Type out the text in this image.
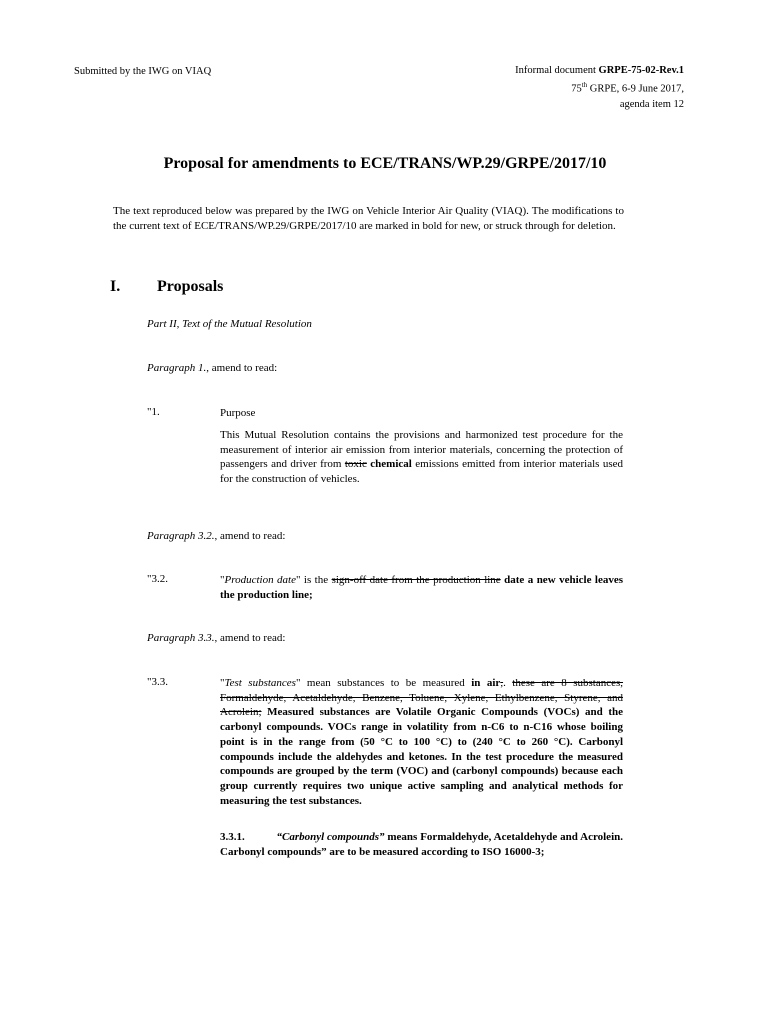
Submitted by the IWG on VIAQ	Informal document GRPE-75-02-Rev.1
75th GRPE, 6-9 June 2017,
agenda item 12
Proposal for amendments to ECE/TRANS/WP.29/GRPE/2017/10
The text reproduced below was prepared by the IWG on Vehicle Interior Air Quality (VIAQ). The modifications to the current text of ECE/TRANS/WP.29/GRPE/2017/10 are marked in bold for new, or struck through for deletion.
I. Proposals
Part II, Text of the Mutual Resolution
Paragraph 1., amend to read:
"1.	Purpose
This Mutual Resolution contains the provisions and harmonized test procedure for the measurement of interior air emission from interior materials, concerning the protection of passengers and driver from toxic chemical emissions emitted from interior materials used for the construction of vehicles.
Paragraph 3.2., amend to read:
"3.2.	"Production date" is the sign-off date from the production line date a new vehicle leaves the production line;
Paragraph 3.3., amend to read:
"3.3.	"Test substances" mean substances to be measured in air,. these are 8 substances, Formaldehyde, Acetaldehyde, Benzene, Toluene, Xylene, Ethylbenzene, Styrene, and Acrolein; Measured substances are Volatile Organic Compounds (VOCs) and the carbonyl compounds. VOCs range in volatility from n-C6 to n-C16 whose boiling point is in the range from (50 °C to 100 °C) to (240 °C to 260 °C). Carbonyl compounds include the aldehydes and ketones. In the test procedure the measured compounds are grouped by the term (VOC) and (carbonyl compounds) because each group currently requires two unique active sampling and analytical methods for measuring the test substances.
3.3.1.	“Carbonyl compounds” means Formaldehyde, Acetaldehyde and Acrolein. Carbonyl compounds” are to be measured according to ISO 16000-3;
